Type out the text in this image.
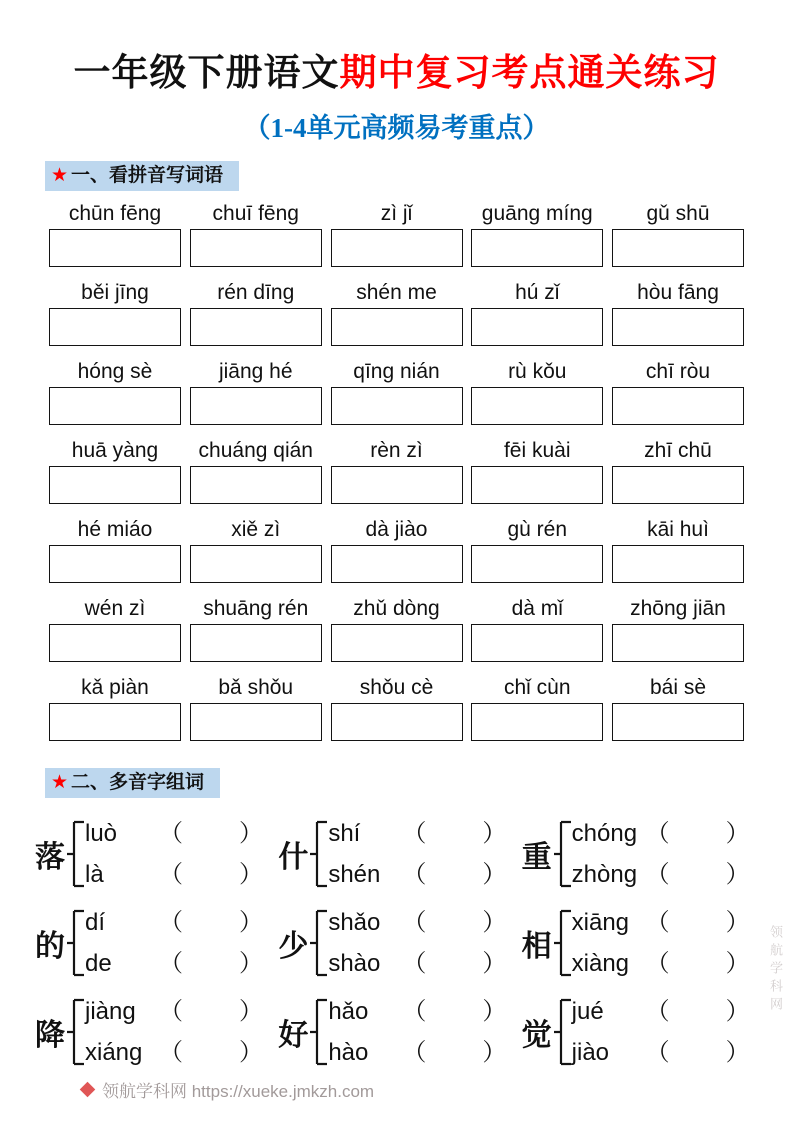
一年级下册语文期中复习考点通关练习
（1-4单元高频易考重点）
★ 一、看拼音写词语
chūn fēng	chuī fēng	zì jǐ	guāng míng	gǔ shū
běi jīng	rén dīng	shén me	hú zǐ	hòu fāng
hóng sè	jiāng hé	qīng nián	rù kǒu	chī ròu
huā yàng	chuáng qián	rèn zì	fēi kuài	zhī chū
hé miáo	xiě zì	dà jiào	gù rén	kāi huì
wén zì	shuāng rén	zhǔ dòng	dà mǐ	zhōng jiān
kǎ piàn	bǎ shǒu	shǒu cè	chǐ cùn	bái sè
★ 二、多音字组词
落
luò （ ）
là （ ）
什
shí （ ）
shén （ ）
重
chóng （ ）
zhòng （ ）
的
dí （ ）
de （ ）
少
shǎo （ ）
shào （ ）
相
xiāng （ ）
xiàng （ ）
降
jiàng （ ）
xiáng （ ）
好
hǎo （ ）
hào （ ）
觉
jué （ ）
jiào （ ）
领航学科网 https://xueke.jmkzh.com
领航学科网
